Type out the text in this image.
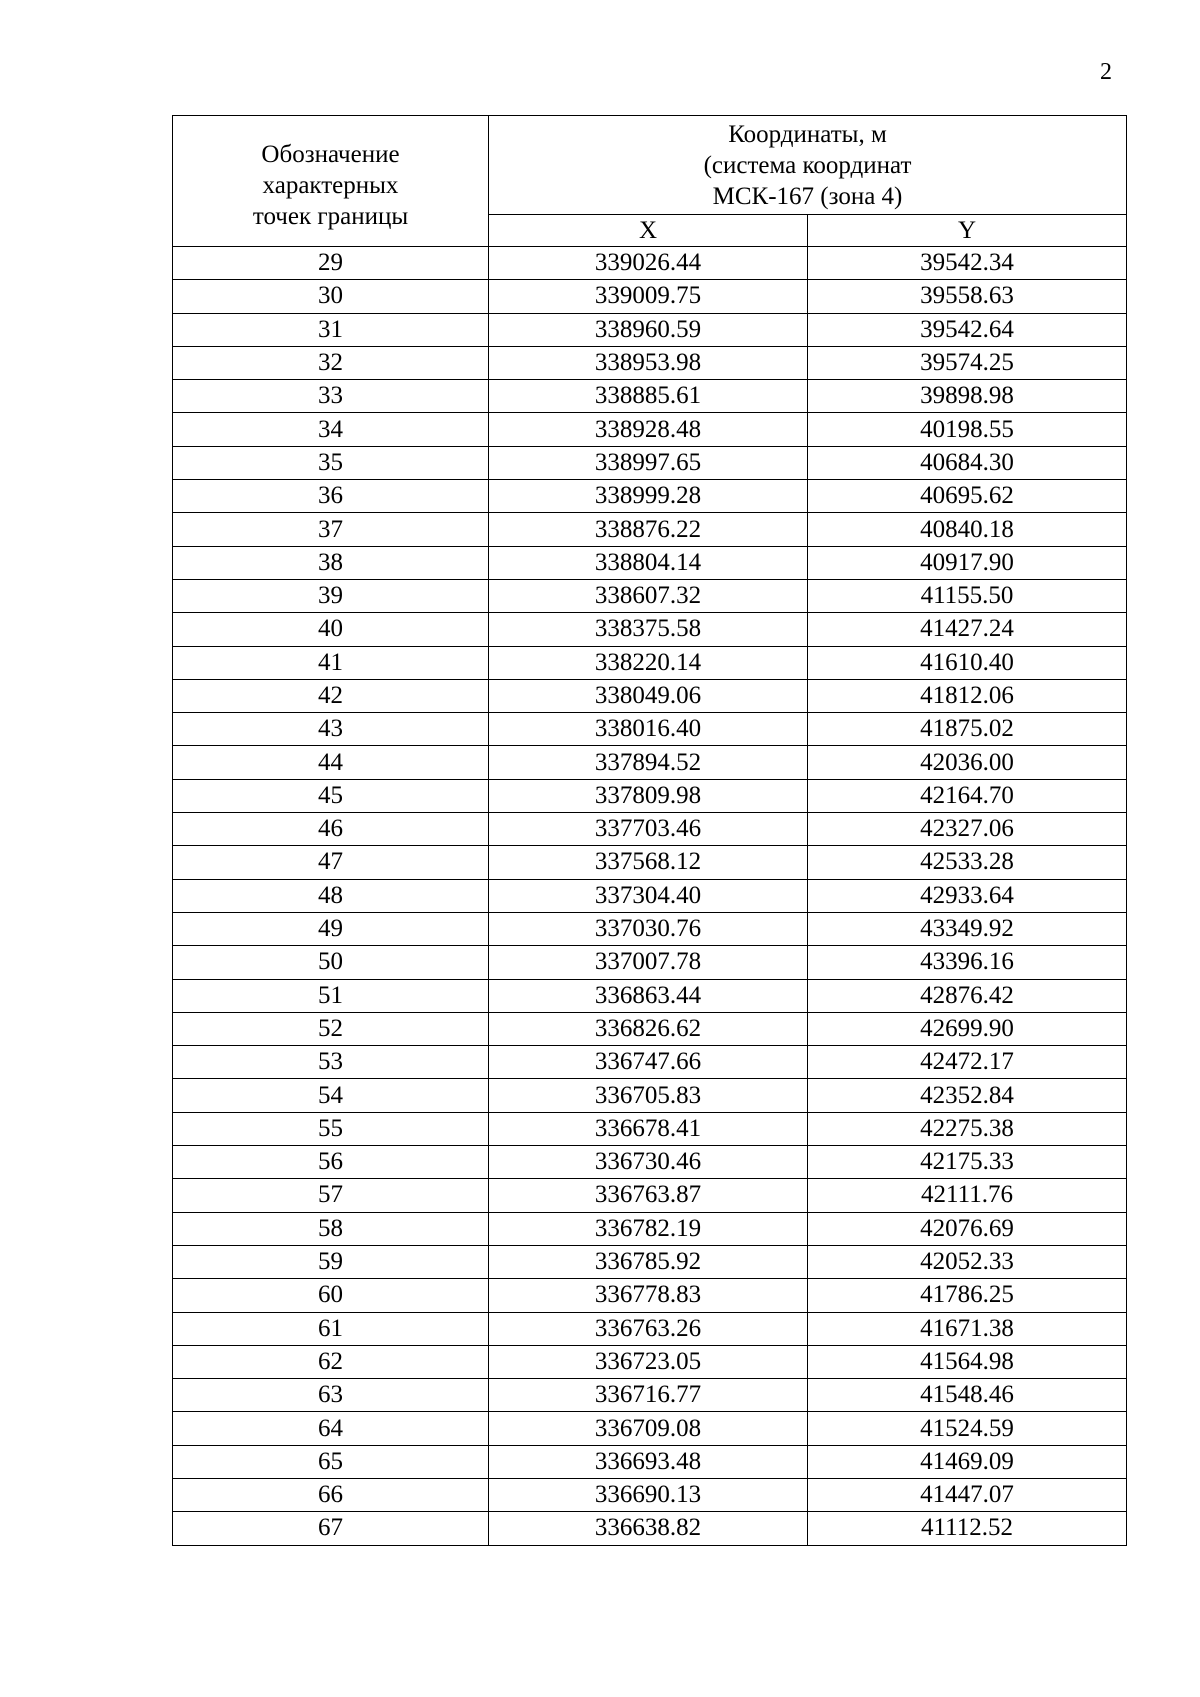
2
Обозначение
характерных
точек границы	Координаты, м
(система координат
МСК-167 (зона 4)	

	X	Y
29	339026.44	39542.34
30	339009.75	39558.63
31	338960.59	39542.64
32	338953.98	39574.25
33	338885.61	39898.98
34	338928.48	40198.55
35	338997.65	40684.30
36	338999.28	40695.62
37	338876.22	40840.18
38	338804.14	40917.90
39	338607.32	41155.50
40	338375.58	41427.24
41	338220.14	41610.40
42	338049.06	41812.06
43	338016.40	41875.02
44	337894.52	42036.00
45	337809.98	42164.70
46	337703.46	42327.06
47	337568.12	42533.28
48	337304.40	42933.64
49	337030.76	43349.92
50	337007.78	43396.16
51	336863.44	42876.42
52	336826.62	42699.90
53	336747.66	42472.17
54	336705.83	42352.84
55	336678.41	42275.38
56	336730.46	42175.33
57	336763.87	42111.76
58	336782.19	42076.69
59	336785.92	42052.33
60	336778.83	41786.25
61	336763.26	41671.38
62	336723.05	41564.98
63	336716.77	41548.46
64	336709.08	41524.59
65	336693.48	41469.09
66	336690.13	41447.07
67	336638.82	41112.52
